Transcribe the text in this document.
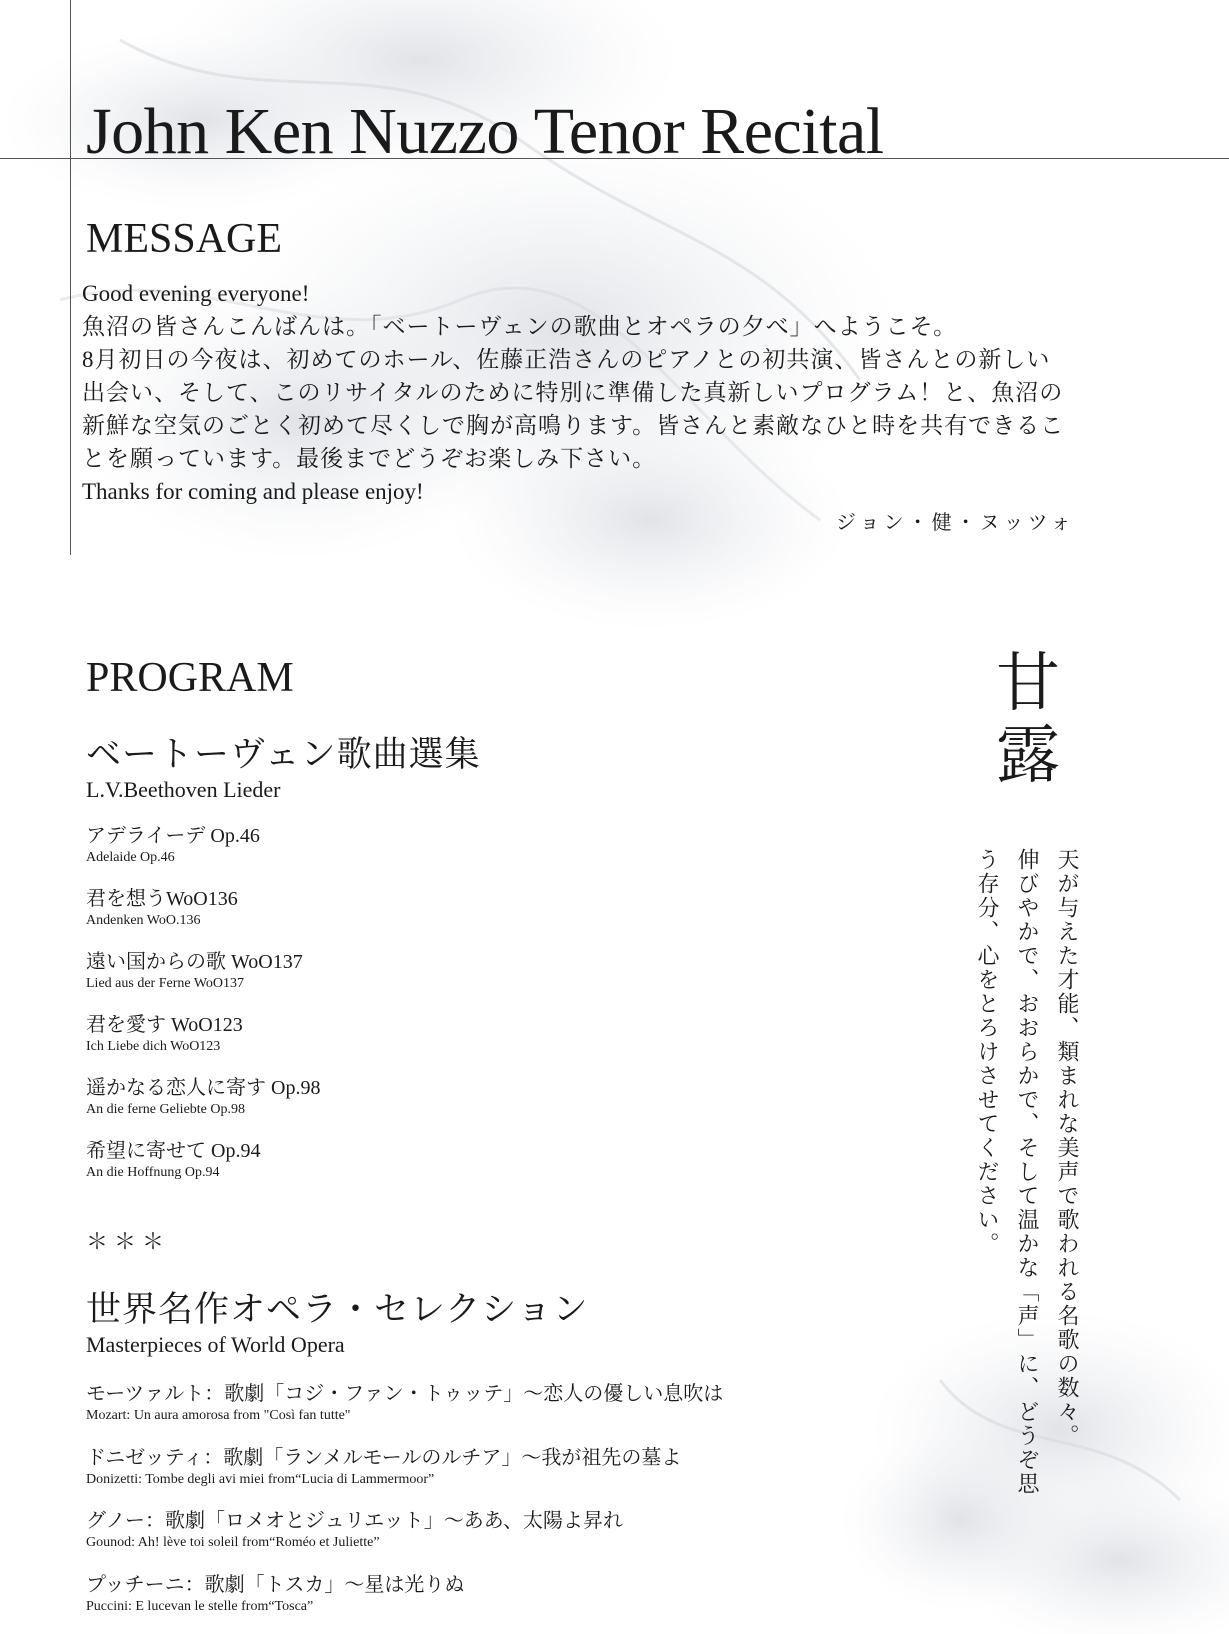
John Ken Nuzzo Tenor Recital
MESSAGE

Good evening everyone!

魚沼の皆さんこんばんは。「ベートーヴェンの歌曲とオペラの夕べ」へようこそ。

8月初日の今夜は、初めてのホール、佐藤正浩さんのピアノとの初共演、皆さんとの新しい

出会い、そして、このリサイタルのために特別に準備した真新しいプログラム！と、魚沼の

新鮮な空気のごとく初めて尽くしで胸が高鳴ります。皆さんと素敵なひと時を共有できるこ

とを願っています。最後までどうぞお楽しみ下さい。

Thanks for coming and please enjoy!

ジョン・健・ヌッツォ
PROGRAM
ベートーヴェン歌曲選集
L.V.Beethoven Lieder
アデライーデ Op.46
Adelaide Op.46
君を想うWoO136
Andenken WoO.136
遠い国からの歌 WoO137
Lied aus der Ferne WoO137
君を愛す WoO123
Ich Liebe dich WoO123
遥かなる恋人に寄す Op.98
An die ferne Geliebte Op.98
希望に寄せて Op.94
An die Hoffnung Op.94
＊＊＊
世界名作オペラ・セレクション
Masterpieces of World Opera
モーツァルト：歌劇「コジ・ファン・トゥッテ」〜恋人の優しい息吹は
Mozart: Un aura amorosa from "Così fan tutte"
ドニゼッティ：歌劇「ランメルモールのルチア」〜我が祖先の墓よ
Donizetti: Tombe degli avi miei from“Lucia di Lammermoor”
グノー：歌劇「ロメオとジュリエット」〜ああ、太陽よ昇れ
Gounod: Ah! lève toi soleil from“Roméo et Juliette”
プッチーニ：歌劇「トスカ」〜星は光りぬ
Puccini: E lucevan le stelle from“Tosca”
甘露
天が与えた才能、類まれな美声で歌われる名歌の数々。
伸びやかで、おおらかで、そして温かな「声」に、どうぞ思
う存分、心をとろけさせてください。
